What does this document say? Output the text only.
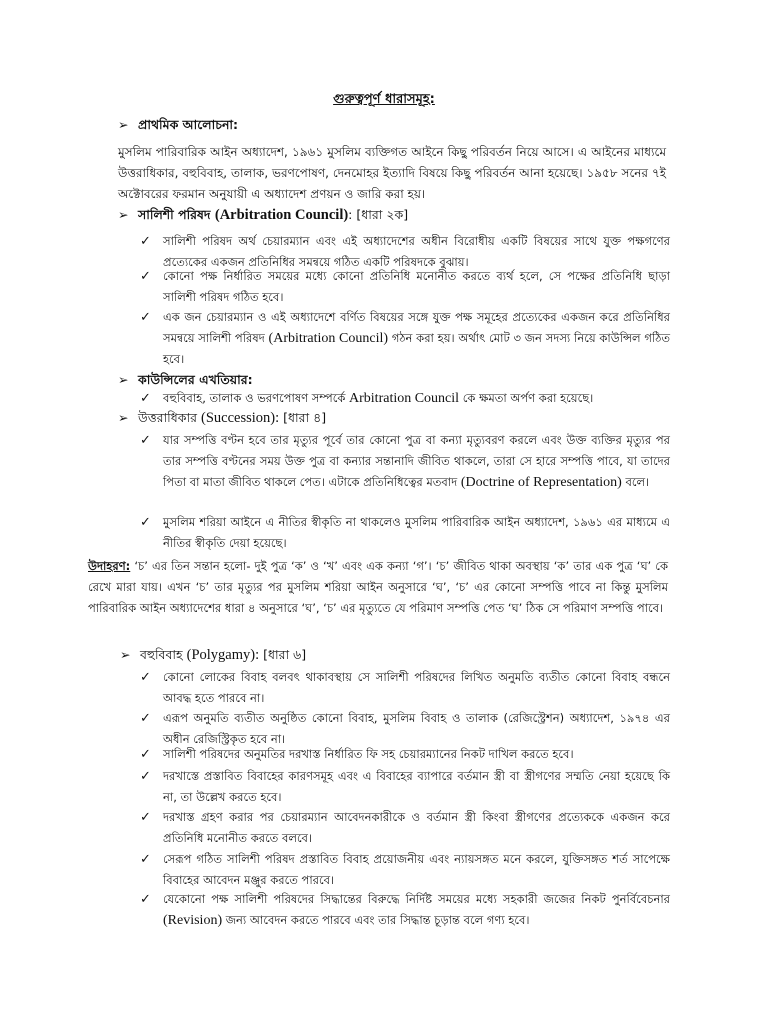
গুরুত্বপূর্ণ ধারাসমূহ:
➢ প্রাথমিক আলোচনা:
মুসলিম পারিবারিক আইন অধ্যাদেশ, ১৯৬১ মুসলিম ব্যক্তিগত আইনে কিছু পরিবর্তন নিয়ে আসে। এ আইনের মাধ্যমে উত্তরাধিকার, বহুবিবাহ, তালাক, ভরণপোষণ, দেনমোহর ইত্যাদি বিষয়ে কিছু পরিবর্তন আনা হয়েছে। ১৯৫৮ সনের ৭ই অক্টোবরের ফরমান অনুযায়ী এ অধ্যাদেশ প্রণয়ন ও জারি করা হয়।
➢ সালিশী পরিষদ (Arbitration Council): [ধারা ২ক]
✓ সালিশী পরিষদ অর্থ চেয়ারম্যান এবং এই অধ্যাদেশের অধীন বিরোধীয় একটি বিষয়ের সাথে যুক্ত পক্ষগণের প্রত্যেকের একজন প্রতিনিধির সমন্বয়ে গঠিত একটি পরিষদকে বুঝায়।
✓ কোনো পক্ষ নির্ধারিত সময়ের মধ্যে কোনো প্রতিনিধি মনোনীত করতে ব্যর্থ হলে, সে পক্ষের প্রতিনিধি ছাড়া সালিশী পরিষদ গঠিত হবে।
✓ এক জন চেয়ারম্যান ও এই অধ্যাদেশে বর্ণিত বিষয়ের সঙ্গে যুক্ত পক্ষ সমূহের প্রত্যেকের একজন করে প্রতিনিধির সমন্বয়ে সালিশী পরিষদ (Arbitration Council) গঠন করা হয়। অর্থাৎ মোট ৩ জন সদস্য নিয়ে কাউন্সিল গঠিত হবে।
➢ কাউন্সিলের এখতিয়ার:
✓ বহুবিবাহ, তালাক ও ভরণপোষণ সম্পর্কে Arbitration Council কে ক্ষমতা অর্পণ করা হয়েছে।
➢ উত্তরাধিকার (Succession): [ধারা ৪]
✓ যার সম্পত্তি বণ্টন হবে তার মৃত্যুর পূর্বে তার কোনো পুত্র বা কন্যা মৃত্যুবরণ করলে এবং উক্ত ব্যক্তির মৃত্যুর পর তার সম্পত্তি বণ্টনের সময় উক্ত পুত্র বা কন্যার সন্তানাদি জীবিত থাকলে, তারা সে হারে সম্পত্তি পাবে, যা তাদের পিতা বা মাতা জীবিত থাকলে পেত। এটাকে প্রতিনিধিত্বের মতবাদ (Doctrine of Representation) বলে।
✓ মুসলিম শরিয়া আইনে এ নীতির স্বীকৃতি না থাকলেও মুসলিম পারিবারিক আইন অধ্যাদেশ, ১৯৬১ এর মাধ্যমে এ নীতির স্বীকৃতি দেয়া হয়েছে।
উদাহরণ: ‘চ’ এর তিন সন্তান হলো- দুই পুত্র ‘ক’ ও ‘খ’ এবং এক কন্যা ‘গ’। ‘চ’ জীবিত থাকা অবস্থায় ‘ক’ তার এক পুত্র ‘ঘ’ কে রেখে মারা যায়। এখন ‘চ’ তার মৃত্যুর পর মুসলিম শরিয়া আইন অনুসারে ‘ঘ’, ‘চ’ এর কোনো সম্পত্তি পাবে না কিন্তু মুসলিম পারিবারিক আইন অধ্যাদেশের ধারা ৪ অনুসারে ‘ঘ’, ‘চ’ এর মৃত্যুতে যে পরিমাণ সম্পত্তি পেত ‘ঘ’ ঠিক সে পরিমাণ সম্পত্তি পাবে।
➢ বহুবিবাহ (Polygamy): [ধারা ৬]
✓ কোনো লোকের বিবাহ বলবৎ থাকাবস্থায় সে সালিশী পরিষদের লিখিত অনুমতি ব্যতীত কোনো বিবাহ বন্ধনে আবদ্ধ হতে পারবে না।
✓ এরূপ অনুমতি ব্যতীত অনুষ্ঠিত কোনো বিবাহ, মুসলিম বিবাহ ও তালাক (রেজিস্ট্রেশন) অধ্যাদেশ, ১৯৭৪ এর অধীন রেজিস্ট্রিকৃত হবে না।
✓ সালিশী পরিষদের অনুমতির দরখাস্ত নির্ধারিত ফি সহ চেয়ারম্যানের নিকট দাখিল করতে হবে।
✓ দরখাস্তে প্রস্তাবিত বিবাহের কারণসমূহ এবং এ বিবাহের ব্যাপারে বর্তমান স্ত্রী বা স্ত্রীগণের সম্মতি নেয়া হয়েছে কি না, তা উল্লেখ করতে হবে।
✓ দরখাস্ত গ্রহণ করার পর চেয়ারম্যান আবেদনকারীকে ও বর্তমান স্ত্রী কিংবা স্ত্রীগণের প্রত্যেককে একজন করে প্রতিনিধি মনোনীত করতে বলবে।
✓ সেরূপ গঠিত সালিশী পরিষদ প্রস্তাবিত বিবাহ প্রয়োজনীয় এবং ন্যায়সঙ্গত মনে করলে, যুক্তিসঙ্গত শর্ত সাপেক্ষে বিবাহের আবেদন মঞ্জুর করতে পারবে।
✓ যেকোনো পক্ষ সালিশী পরিষদের সিদ্ধান্তের বিরুদ্ধে নির্দিষ্ট সময়ের মধ্যে সহকারী জজের নিকট পুনর্বিবেচনার (Revision) জন্য আবেদন করতে পারবে এবং তার সিদ্ধান্ত চূড়ান্ত বলে গণ্য হবে।
